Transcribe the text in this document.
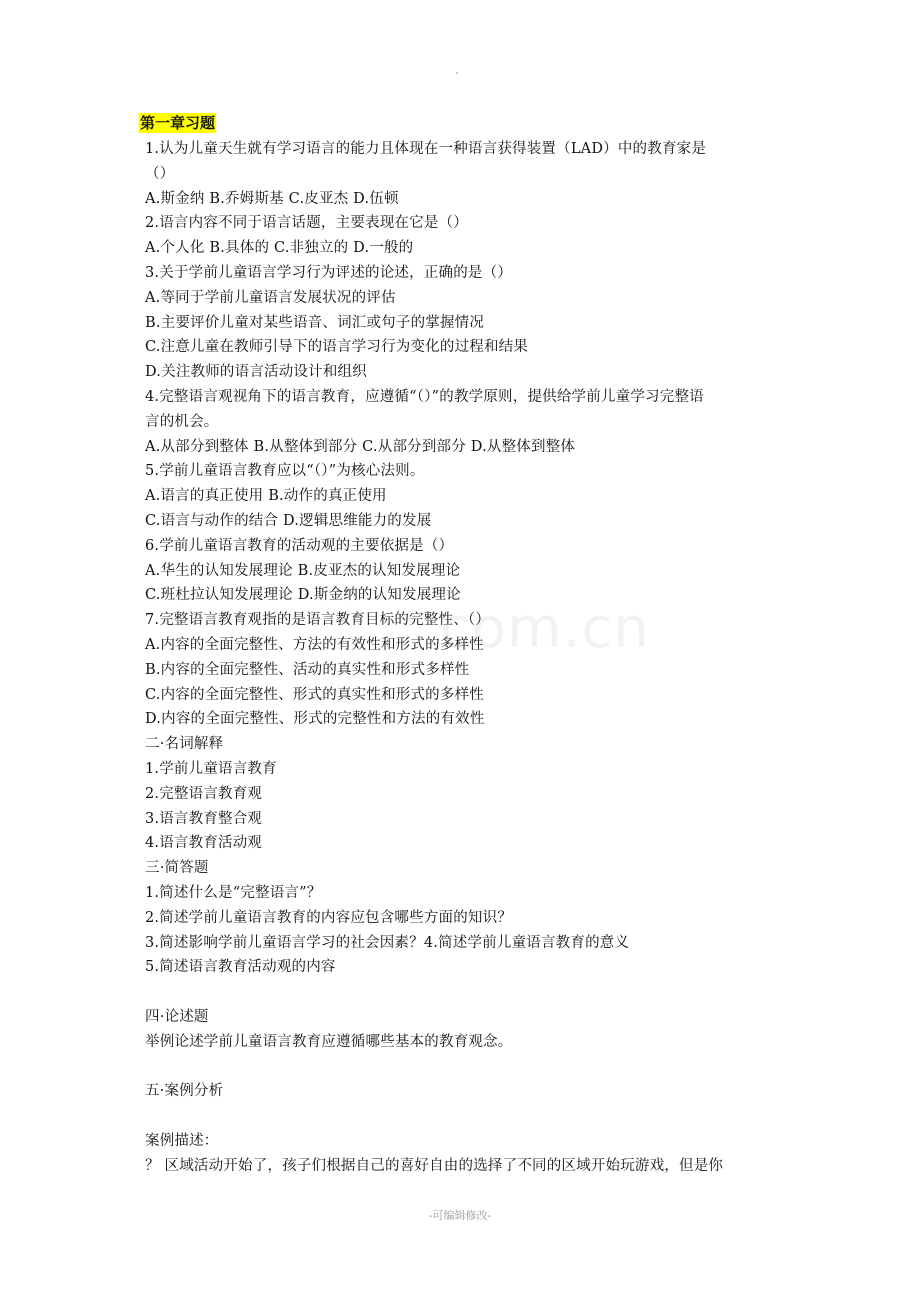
com.cn
第一章习题
1.认为儿童天生就有学习语言的能力且体现在一种语言获得装置（LAD）中的教育家是
（）
A.斯金纳 B.乔姆斯基 C.皮亚杰 D.伍顿
2.语言内容不同于语言话题，主要表现在它是（）
A.个人化 B.具体的 C.非独立的 D.一般的
3.关于学前儿童语言学习行为评述的论述，正确的是（）
A.等同于学前儿童语言发展状况的评估
B.主要评价儿童对某些语音、词汇或句子的掌握情况
C.注意儿童在教师引导下的语言学习行为变化的过程和结果
D.关注教师的语言活动设计和组织
4.完整语言观视角下的语言教育，应遵循“（）”的教学原则，提供给学前儿童学习完整语
言的机会。
A.从部分到整体 B.从整体到部分 C.从部分到部分 D.从整体到整体
5.学前儿童语言教育应以“（）”为核心法则。
A.语言的真正使用 B.动作的真正使用
C.语言与动作的结合 D.逻辑思维能力的发展
6.学前儿童语言教育的活动观的主要依据是（）
A.华生的认知发展理论 B.皮亚杰的认知发展理论
C.班杜拉认知发展理论 D.斯金纳的认知发展理论
7.完整语言教育观指的是语言教育目标的完整性、（）
A.内容的全面完整性、方法的有效性和形式的多样性
B.内容的全面完整性、活动的真实性和形式多样性
C.内容的全面完整性、形式的真实性和形式的多样性
D.内容的全面完整性、形式的完整性和方法的有效性
二·名词解释
1.学前儿童语言教育
2.完整语言教育观
3.语言教育整合观
4.语言教育活动观
三·简答题
1.简述什么是“完整语言”？
2.简述学前儿童语言教育的内容应包含哪些方面的知识？
3.简述影响学前儿童语言学习的社会因素？4.简述学前儿童语言教育的意义
5.简述语言教育活动观的内容
四·论述题
举例论述学前儿童语言教育应遵循哪些基本的教育观念。
五·案例分析
案例描述：
？ 区域活动开始了，孩子们根据自己的喜好自由的选择了不同的区域开始玩游戏，但是你
-可编辑修改-
